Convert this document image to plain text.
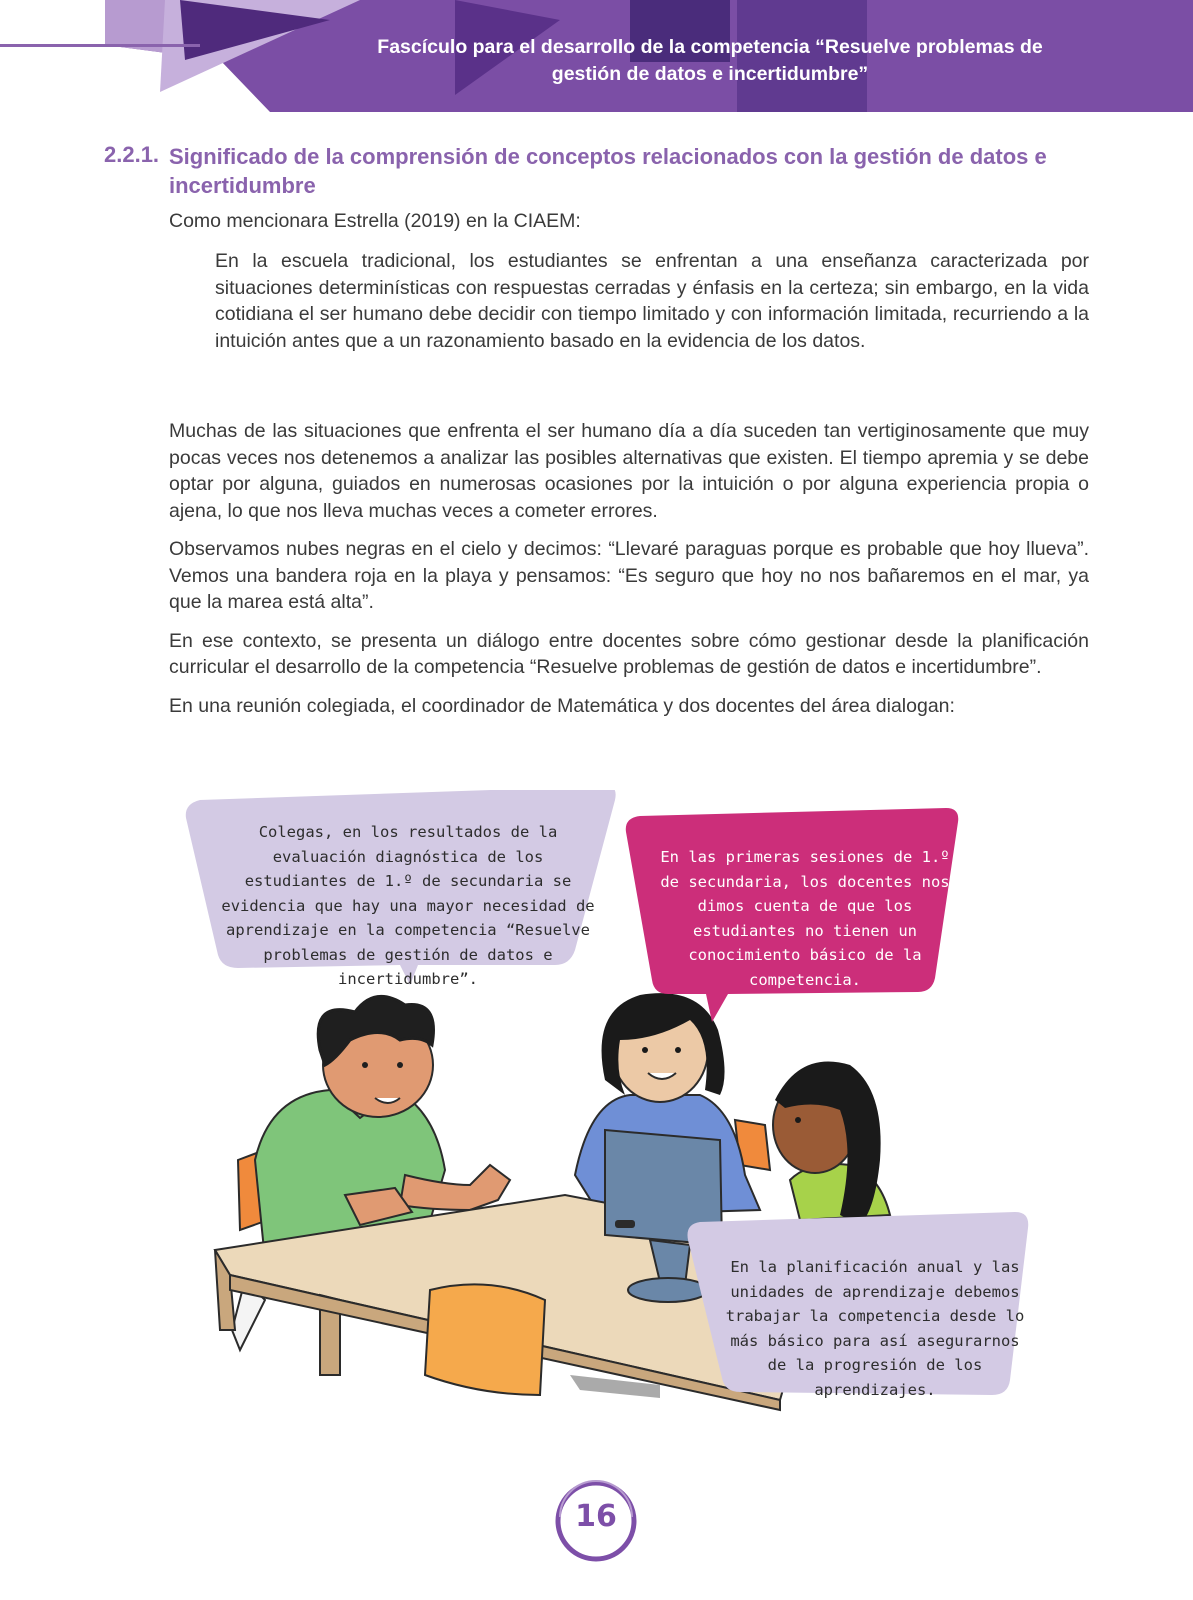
Fascículo para el desarrollo de la competencia “Resuelve problemas de
gestión de datos e incertidumbre”
2.2.1. Significado de la comprensión de conceptos relacionados con la gestión de datos e incertidumbre
Como mencionara Estrella (2019) en la CIAEM:
En la escuela tradicional, los estudiantes se enfrentan a una enseñanza caracterizada por situaciones determinísticas con respuestas cerradas y énfasis en la certeza; sin embargo, en la vida cotidiana el ser humano debe decidir con tiempo limitado y con información limitada, recurriendo a la intuición antes que a un razonamiento basado en la evidencia de los datos.

Muchas de las situaciones que enfrenta el ser humano día a día suceden tan vertiginosamente que muy pocas veces nos detenemos a analizar las posibles alternativas que existen. El tiempo apremia y se debe optar por alguna, guiados en numerosas ocasiones por la intuición o por alguna experiencia propia o ajena, lo que nos lleva muchas veces a cometer errores.

Observamos nubes negras en el cielo y decimos: “Llevaré paraguas porque es probable que hoy llueva”. Vemos una bandera roja en la playa y pensamos: “Es seguro que hoy no nos bañaremos en el mar, ya que la marea está alta”.

En ese contexto, se presenta un diálogo entre docentes sobre cómo gestionar desde la planificación curricular el desarrollo de la competencia “Resuelve problemas de gestión de datos e incertidumbre”.

En una reunión colegiada, el coordinador de Matemática y dos docentes del área dialogan:

Colegas, en los resultados de la evaluación diagnóstica de los estudiantes de 1.º de secundaria se evidencia que hay una mayor necesidad de aprendizaje en la competencia “Resuelve problemas de gestión de datos e incertidumbre”.
En las primeras sesiones de 1.º de secundaria, los docentes nos dimos cuenta de que los estudiantes no tienen un conocimiento básico de la competencia.
En la planificación anual y las unidades de aprendizaje debemos trabajar la competencia desde lo más básico para así asegurarnos de la progresión de los aprendizajes.
16
